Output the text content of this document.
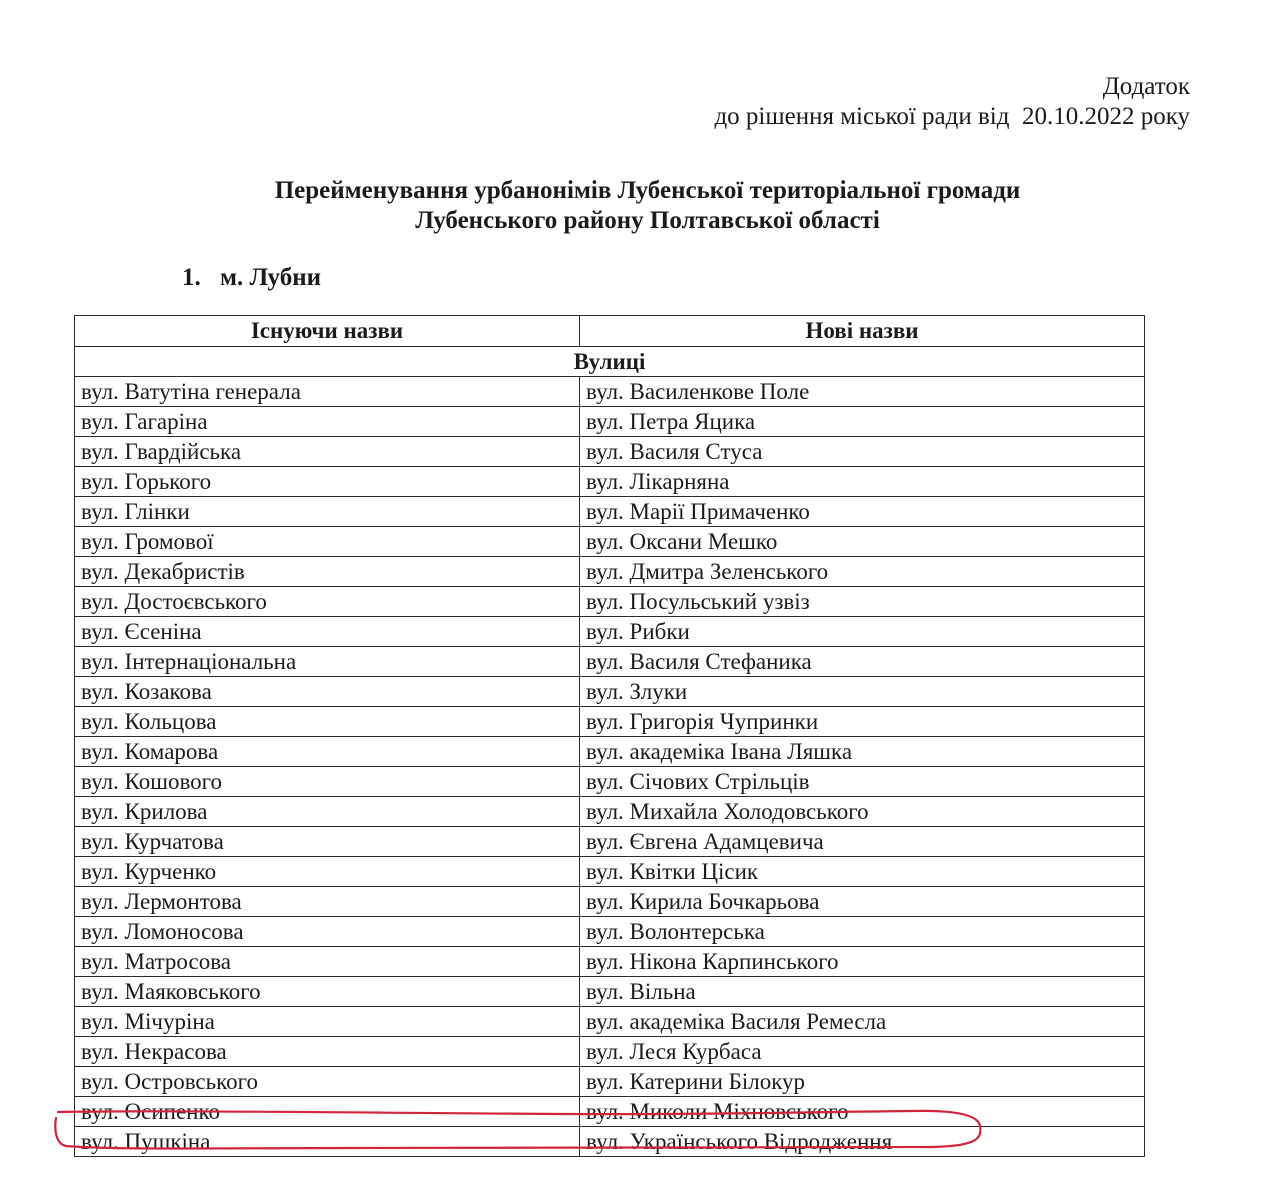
Додаток
до рішення міської ради від  20.10.2022 року
Перейменування урбанонімів Лубенської територіальної громади
Лубенського району Полтавської області
1. м. Лубни
Існуючи назви	Нові назви
Вулиці	
вул. Ватутіна генерала	вул. Василенкове Поле
вул. Гагаріна	вул. Петра Яцика
вул. Гвардійська	вул. Василя Стуса
вул. Горького	вул. Лікарняна
вул. Глінки	вул. Марії Примаченко
вул. Громової	вул. Оксани Мешко
вул. Декабристів	вул. Дмитра Зеленського
вул. Достоєвського	вул. Посульський узвіз
вул. Єсеніна	вул. Рибки
вул. Інтернаціональна	вул. Василя Стефаника
вул. Козакова	вул. Злуки
вул. Кольцова	вул. Григорія Чупринки
вул. Комарова	вул. академіка Івана Ляшка
вул. Кошового	вул. Січових Стрільців
вул. Крилова	вул. Михайла Холодовського
вул. Курчатова	вул. Євгена Адамцевича
вул. Курченко	вул. Квітки Цісик
вул. Лермонтова	вул. Кирила Бочкарьова
вул. Ломоносова	вул. Волонтерська
вул. Матросова	вул. Нікона Карпинського
вул. Маяковського	вул. Вільна
вул. Мічуріна	вул. академіка Василя Ремесла
вул. Некрасова	вул. Леся Курбаса
вул. Островського	вул. Катерини Білокур
вул. Осипенко	вул. Миколи Міхновського
вул. Пушкіна	вул. Українського Відродження
